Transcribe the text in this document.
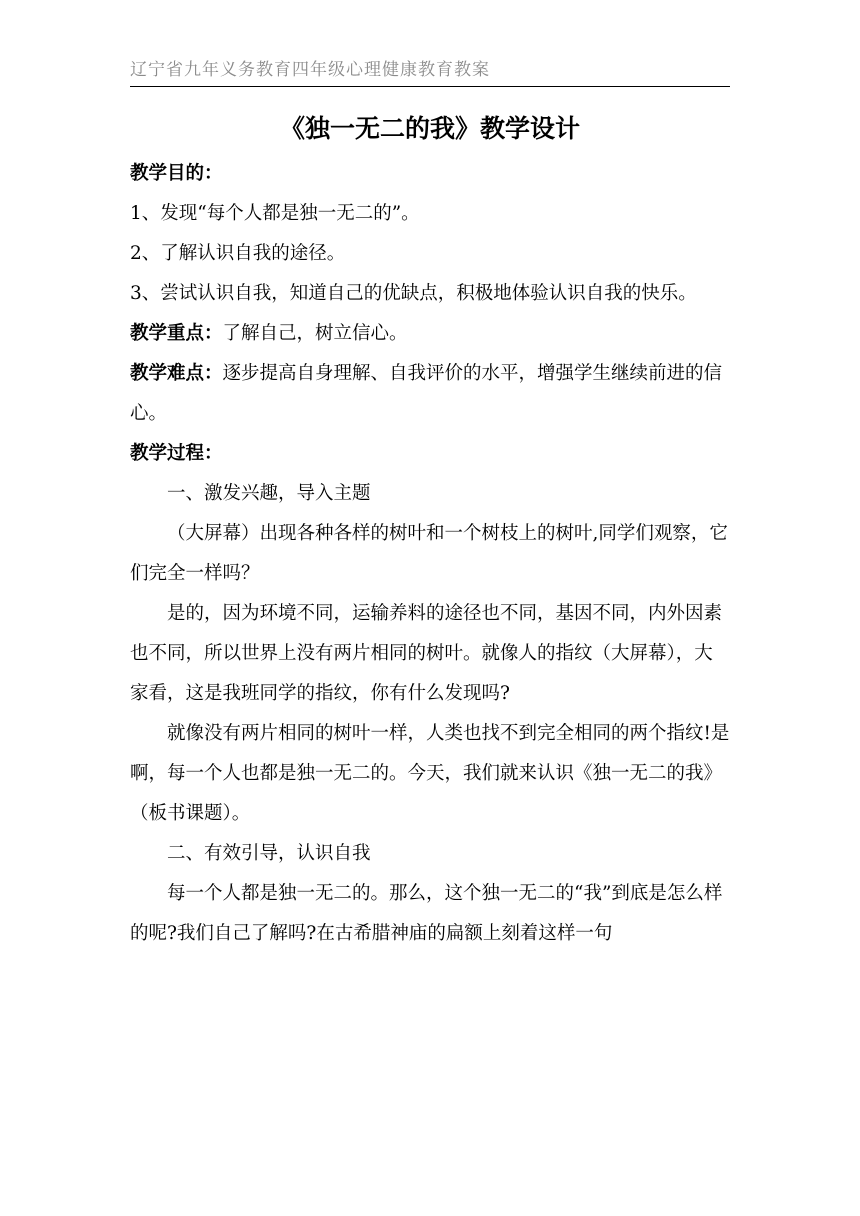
辽宁省九年义务教育四年级心理健康教育教案
《独一无二的我》教学设计

教学目的：

1、发现“每个人都是独一无二的”。

2、了解认识自我的途径。

3、尝试认识自我，知道自己的优缺点，积极地体验认识自我的快乐。

教学重点：了解自己，树立信心。

教学难点：逐步提高自身理解、自我评价的水平，增强学生继续前进的信心。

教学过程：

一、激发兴趣，导入主题

（大屏幕）出现各种各样的树叶和一个树枝上的树叶,同学们观察，它们完全一样吗？

是的，因为环境不同，运输养料的途径也不同，基因不同，内外因素也不同，所以世界上没有两片相同的树叶。就像人的指纹（大屏幕），大家看，这是我班同学的指纹，你有什么发现吗?

就像没有两片相同的树叶一样，人类也找不到完全相同的两个指纹!是啊，每一个人也都是独一无二的。今天，我们就来认识《独一无二的我》（板书课题）。

二、有效引导，认识自我

每一个人都是独一无二的。那么，这个独一无二的“我”到底是怎么样的呢?我们自己了解吗?在古希腊神庙的扁额上刻着这样一句
